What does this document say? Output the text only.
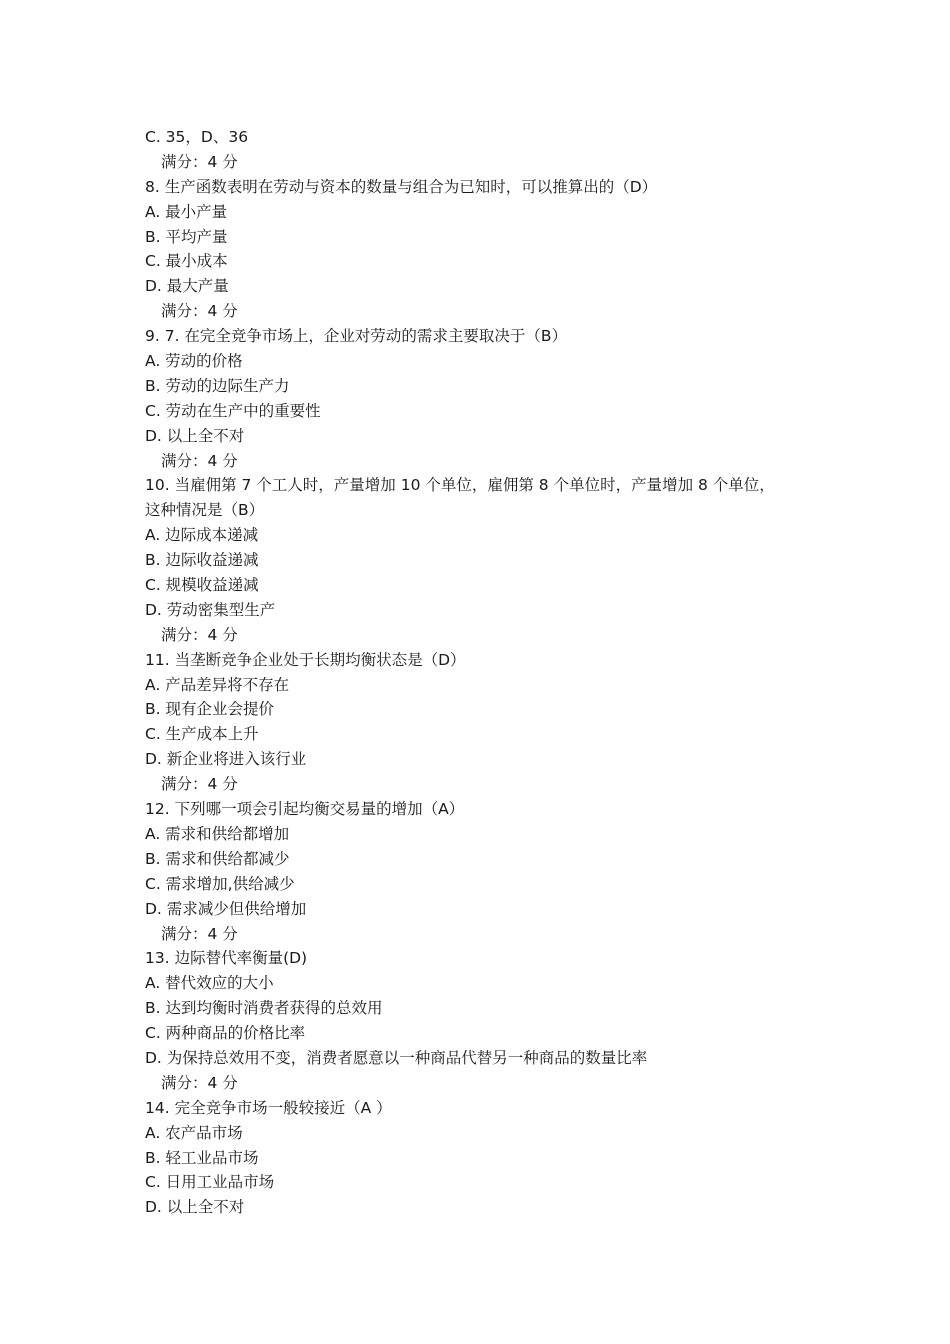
C. 35，D、36
满分：4 分
8. 生产函数表明在劳动与资本的数量与组合为已知时，可以推算出的（D）
A. 最小产量
B. 平均产量
C. 最小成本
D. 最大产量
满分：4 分
9. 7. 在完全竞争市场上，企业对劳动的需求主要取决于（B）
A. 劳动的价格
B. 劳动的边际生产力
C. 劳动在生产中的重要性
D. 以上全不对
满分：4 分
10. 当雇佣第 7 个工人时，产量增加 10 个单位，雇佣第 8 个单位时，产量增加 8 个单位，
这种情况是（B）
A. 边际成本递减
B. 边际收益递减
C. 规模收益递减
D. 劳动密集型生产
满分：4 分
11. 当垄断竞争企业处于长期均衡状态是（D）
A. 产品差异将不存在
B. 现有企业会提价
C. 生产成本上升
D. 新企业将进入该行业
满分：4 分
12. 下列哪一项会引起均衡交易量的增加（A）
A. 需求和供给都增加
B. 需求和供给都减少
C. 需求增加,供给减少
D. 需求减少但供给增加
满分：4 分
13. 边际替代率衡量(D)
A. 替代效应的大小
B. 达到均衡时消费者获得的总效用
C. 两种商品的价格比率
D. 为保持总效用不变，消费者愿意以一种商品代替另一种商品的数量比率
满分：4 分
14. 完全竞争市场一般较接近（A ）
A. 农产品市场
B. 轻工业品市场
C. 日用工业品市场
D. 以上全不对
